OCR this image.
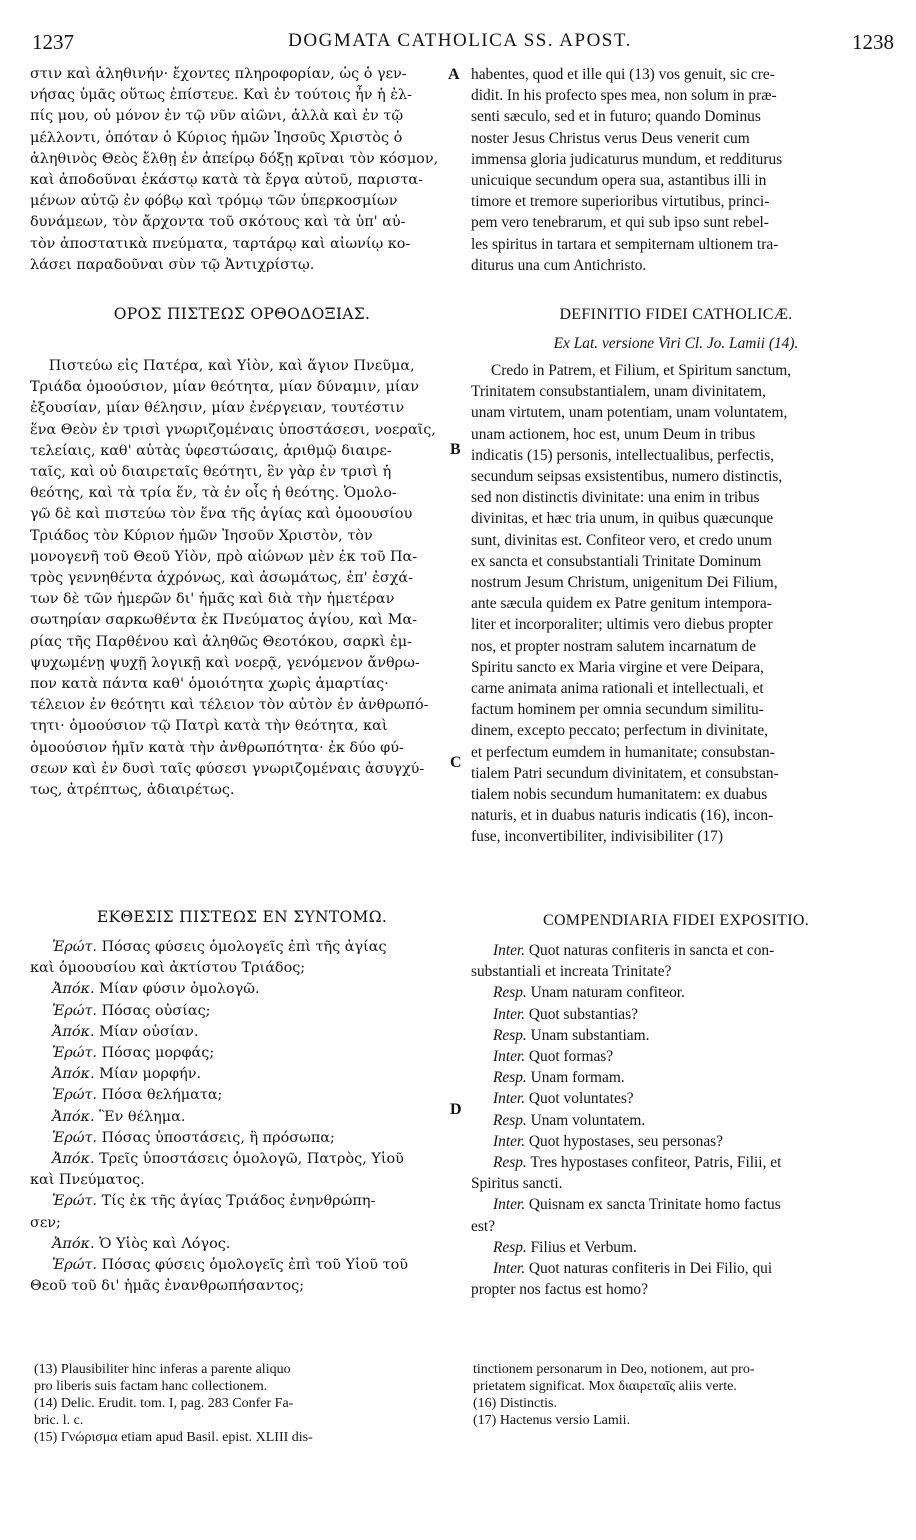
1237	DOGMATA CATHOLICA SS. APOST.	1238
A
B
C
D

στιν καὶ ἀληθινήν· ἔχοντες πληροφορίαν, ὡς ὁ γεν-
νήσας ὑμᾶς οὕτως ἐπίστευε. Καὶ ἐν τούτοις ἦν ἡ ἐλ-
πίς μου, οὐ μόνον ἐν τῷ νῦν αἰῶνι, ἀλλὰ καὶ ἐν τῷ
μέλλοντι, ὁπόταν ὁ Κύριος ἡμῶν Ἰησοῦς Χριστὸς ὁ
ἀληθινὸς Θεὸς ἔλθῃ ἐν ἀπείρῳ δόξῃ κρῖναι τὸν κόσμον,
καὶ ἀποδοῦναι ἑκάστῳ κατὰ τὰ ἔργα αὐτοῦ, παριστα-
μένων αὐτῷ ἐν φόβῳ καὶ τρόμῳ τῶν ὑπερκοσμίων
δυνάμεων, τὸν ἄρχοντα τοῦ σκότους καὶ τὰ ὑπ' αὐ-
τὸν ἀποστατικὰ πνεύματα, ταρτάρῳ καὶ αἰωνίῳ κο-
λάσει παραδοῦναι σὺν τῷ Ἀντιχρίστῳ.

ΟΡΟΣ ΠΙΣΤΕΩΣ ΟΡΘΟΔΟΞΙΑΣ.

Πιστεύω εἰς Πατέρα, καὶ Υἱὸν, καὶ ἅγιον Πνεῦμα,
Τριάδα ὁμοούσιον, μίαν θεότητα, μίαν δύναμιν, μίαν
ἐξουσίαν, μίαν θέλησιν, μίαν ἐνέργειαν, τουτέστιν
ἕνα Θεὸν ἐν τρισὶ γνωριζομέναις ὑποστάσεσι, νοεραῖς,
τελείαις, καθ' αὑτὰς ὑφεστώσαις, ἀριθμῷ διαιρε-
ταῖς, καὶ οὐ διαιρεταῖς θεότητι, ἓν γὰρ ἐν τρισὶ ἡ
θεότης, καὶ τὰ τρία ἕν, τὰ ἐν οἷς ἡ θεότης. Ὁμολο-
γῶ δὲ καὶ πιστεύω τὸν ἕνα τῆς ἁγίας καὶ ὁμοουσίου
Τριάδος τὸν Κύριον ἡμῶν Ἰησοῦν Χριστὸν, τὸν
μονογενῆ τοῦ Θεοῦ Υἱὸν, πρὸ αἰώνων μὲν ἐκ τοῦ Πα-
τρὸς γεννηθέντα ἀχρόνως, καὶ ἀσωμάτως, ἐπ' ἐσχά-
των δὲ τῶν ἡμερῶν δι' ἡμᾶς καὶ διὰ τὴν ἡμετέραν
σωτηρίαν σαρκωθέντα ἐκ Πνεύματος ἁγίου, καὶ Μα-
ρίας τῆς Παρθένου καὶ ἀληθῶς Θεοτόκου, σαρκὶ ἐμ-
ψυχωμένῃ ψυχῇ λογικῇ καὶ νοερᾷ, γενόμενον ἄνθρω-
πον κατὰ πάντα καθ' ὁμοιότητα χωρὶς ἁμαρτίας·
τέλειον ἐν θεότητι καὶ τέλειον τὸν αὐτὸν ἐν ἀνθρωπό-
τητι· ὁμοούσιον τῷ Πατρὶ κατὰ τὴν θεότητα, καὶ
ὁμοούσιον ἡμῖν κατὰ τὴν ἀνθρωπότητα· ἐκ δύο φύ-
σεων καὶ ἐν δυσὶ ταῖς φύσεσι γνωριζομέναις ἀσυγχύ-
τως, ἀτρέπτως, ἀδιαιρέτως.

ΕΚΘΕΣΙΣ ΠΙΣΤΕΩΣ ΕΝ ΣΥΝΤΟΜΩ.

Ἐρώτ. Πόσας φύσεις ὁμολογεῖς ἐπὶ τῆς ἁγίας

καὶ ὁμοουσίου καὶ ἀκτίστου Τριάδος;

Ἀπόκ. Μίαν φύσιν ὁμολογῶ.

Ἐρώτ. Πόσας οὐσίας;

Ἀπόκ. Μίαν οὐσίαν.

Ἐρώτ. Πόσας μορφάς;

Ἀπόκ. Μίαν μορφήν.

Ἐρώτ. Πόσα θελήματα;

Ἀπόκ. Ἓν θέλημα.

Ἐρώτ. Πόσας ὑποστάσεις, ἢ πρόσωπα;

Ἀπόκ. Τρεῖς ὑποστάσεις ὁμολογῶ, Πατρὸς, Υἱοῦ

καὶ Πνεύματος.

Ἐρώτ. Τίς ἐκ τῆς ἁγίας Τριάδος ἐνηνθρώπη-

σεν;

Ἀπόκ. Ὁ Υἱὸς καὶ Λόγος.

Ἐρώτ. Πόσας φύσεις ὁμολογεῖς ἐπὶ τοῦ Υἱοῦ τοῦ

Θεοῦ τοῦ δι' ἡμᾶς ἐνανθρωπήσαντος;

habentes, quod et ille qui (13) vos genuit, sic cre-
didit. In his profecto spes mea, non solum in præ-
senti sæculo, sed et in futuro; quando Dominus
noster Jesus Christus verus Deus venerit cum
immensa gloria judicaturus mundum, et redditurus
unicuique secundum opera sua, astantibus illi in
timore et tremore superioribus virtutibus, princi-
pem vero tenebrarum, et qui sub ipso sunt rebel-
les spiritus in tartara et sempiternam ultionem tra-
diturus una cum Antichristo.

DEFINITIO FIDEI CATHOLICÆ.

Ex Lat. versione Viri Cl. Jo. Lamii (14).

Credo in Patrem, et Filium, et Spiritum sanctum,
Trinitatem consubstantialem, unam divinitatem,
unam virtutem, unam potentiam, unam voluntatem,
unam actionem, hoc est, unum Deum in tribus
indicatis (15) personis, intellectualibus, perfectis,
secundum seipsas exsistentibus, numero distinctis,
sed non distinctis divinitate: una enim in tribus
divinitas, et hæc tria unum, in quibus quæcunque
sunt, divinitas est. Confiteor vero, et credo unum
ex sancta et consubstantiali Trinitate Dominum
nostrum Jesum Christum, unigenitum Dei Filium,
ante sæcula quidem ex Patre genitum intempora-
liter et incorporaliter; ultimis vero diebus propter
nos, et propter nostram salutem incarnatum de
Spiritu sancto ex Maria virgine et vere Deipara,
carne animata anima rationali et intellectuali, et
factum hominem per omnia secundum similitu-
dinem, excepto peccato; perfectum in divinitate,
et perfectum eumdem in humanitate; consubstan-
tialem Patri secundum divinitatem, et consubstan-
tialem nobis secundum humanitatem: ex duabus
naturis, et in duabus naturis indicatis (16), incon-
fuse, inconvertibiliter, indivisibiliter (17)

COMPENDIARIA FIDEI EXPOSITIO.

Inter. Quot naturas confiteris in sancta et con-

substantiali et increata Trinitate?

Resp. Unam naturam confiteor.

Inter. Quot substantias?

Resp. Unam substantiam.

Inter. Quot formas?

Resp. Unam formam.

Inter. Quot voluntates?

Resp. Unam voluntatem.

Inter. Quot hypostases, seu personas?

Resp. Tres hypostases confiteor, Patris, Filii, et

Spiritus sancti.

Inter. Quisnam ex sancta Trinitate homo factus

est?

Resp. Filius et Verbum.

Inter. Quot naturas confiteris in Dei Filio, qui

propter nos factus est homo?

(13) Plausibiliter hinc inferas a parente aliquo

pro liberis suis factam hanc collectionem.

(14) Delic. Erudit. tom. I, pag. 283 Confer Fa-

bric. l. c.

(15) Γνώρισμα etiam apud Basil. epist. XLIII dis-

tinctionem personarum in Deo, notionem, aut pro-

prietatem significat. Mox διαιρεταῖς aliis verte.

(16) Distinctis.

(17) Hactenus versio Lamii.
